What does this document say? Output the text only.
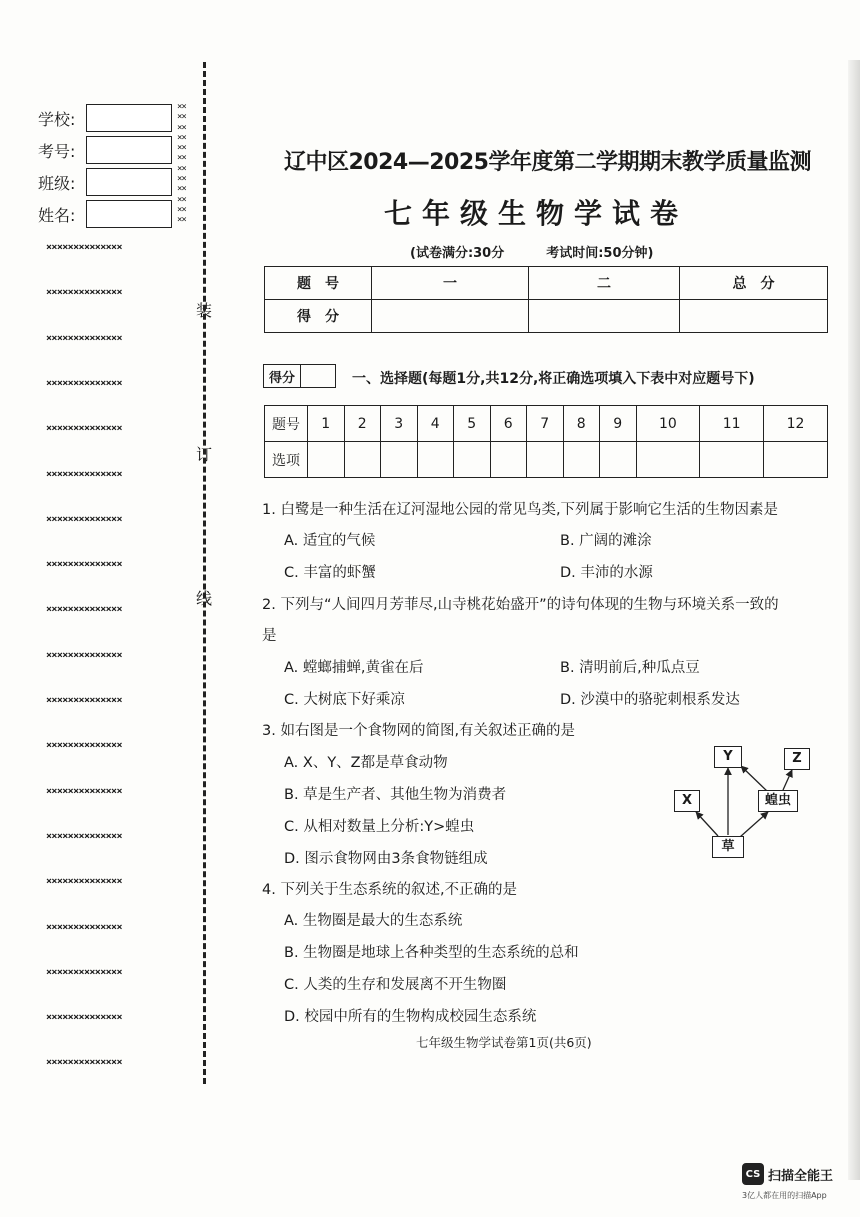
学校:
考号:
班级:
姓名:
××
××
××
××
××
××
××
××
××
××
××
××
××××××××××××××
××××××××××××××
××××××××××××××
××××××××××××××
××××××××××××××
××××××××××××××
××××××××××××××
××××××××××××××
××××××××××××××
××××××××××××××
××××××××××××××
××××××××××××××
××××××××××××××
××××××××××××××
××××××××××××××
××××××××××××××
××××××××××××××
××××××××××××××
××××××××××××××
装
订
线
辽中区2024—2025学年度第二学期期末教学质量监测
七年级生物学试卷
(试卷满分:30分	考试时间:50分钟)
题　号	一	二	总　分
得　分			
得分	一、选择题(每题1分,共12分,将正确选项填入下表中对应题号下)
题号	1	2	3	4	5	6	7	8	9	10	11	12
选项												
1. 白鹭是一种生活在辽河湿地公园的常见鸟类,下列属于影响它生活的生物因素是
A. 适宜的气候	B. 广阔的滩涂
C. 丰富的虾蟹	D. 丰沛的水源
2. 下列与“人间四月芳菲尽,山寺桃花始盛开”的诗句体现的生物与环境关系一致的
是
A. 螳螂捕蝉,黄雀在后	B. 清明前后,种瓜点豆
C. 大树底下好乘凉	D. 沙漠中的骆驼刺根系发达
3. 如右图是一个食物网的简图,有关叙述正确的是
A. X、Y、Z都是草食动物
B. 草是生产者、其他生物为消费者
C. 从相对数量上分析:Y>蝗虫
D. 图示食物网由3条食物链组成
Y	Z
X	蝗虫
草
4. 下列关于生态系统的叙述,不正确的是
A. 生物圈是最大的生态系统
B. 生物圈是地球上各种类型的生态系统的总和
C. 人类的生存和发展离不开生物圈
D. 校园中所有的生物构成校园生态系统
七年级生物学试卷第1页(共6页)
CS 扫描全能王
3亿人都在用的扫描App
